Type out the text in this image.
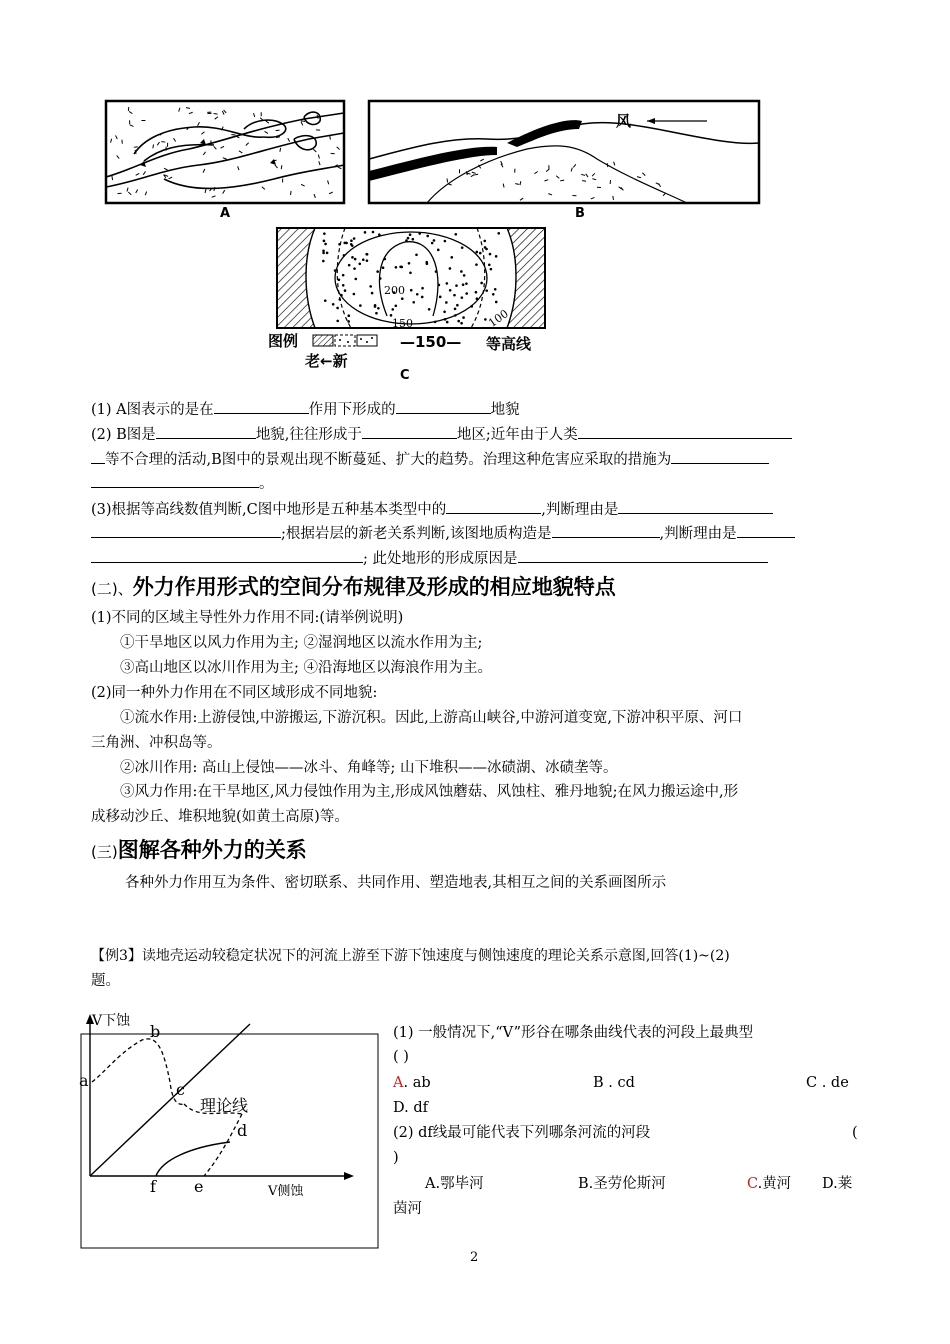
A
风
B
200
150	100
图例
老←新
—150— 等高线
C
(1) A图表示的是在	作用下形成的	地貌
(2) B图是	地貌,往往形成于	地区;近年由于人类
等不合理的活动,B图中的景观出现不断蔓延、扩大的趋势。治理这种危害应采取的措施为
。
(3)根据等高线数值判断,C图中地形是五种基本类型中的	,判断理由是
;根据岩层的新老关系判断,该图地质构造是	,判断理由是
; 此处地形的形成原因是
(二)、外力作用形式的空间分布规律及形成的相应地貌特点
(1)不同的区域主导性外力作用不同:(请举例说明)
①干旱地区以风力作用为主; ②湿润地区以流水作用为主;
③高山地区以冰川作用为主; ④沿海地区以海浪作用为主。
(2)同一种外力作用在不同区域形成不同地貌:
①流水作用:上游侵蚀,中游搬运,下游沉积。因此,上游高山峡谷,中游河道变宽,下游冲积平原、河口
三角洲、冲积岛等。
②冰川作用: 高山上侵蚀——冰斗、角峰等; 山下堆积——冰碛湖、冰碛垄等。
③风力作用:在干旱地区,风力侵蚀作用为主,形成风蚀蘑菇、风蚀柱、雅丹地貌;在风力搬运途中,形
成移动沙丘、堆积地貌(如黄土高原)等。
(三)图解各种外力的关系
各种外力作用互为条件、密切联系、共同作用、塑造地表,其相互之间的关系画图所示
【例3】读地壳运动较稳定状况下的河流上游至下游下蚀速度与侧蚀速度的理论关系示意图,回答(1)~(2)
题。
V下蚀
V侧蚀
理论线
a
b
c
d
e
f
(1) 一般情况下,“V”形谷在哪条曲线代表的河段上最典型
( )
A. ab	B . cd	C . de
D. df
(2) df线最可能代表下列哪条河流的河段	(
)
A.鄂毕河	B.圣劳伦斯河	C.黄河 D.莱
茵河
2
